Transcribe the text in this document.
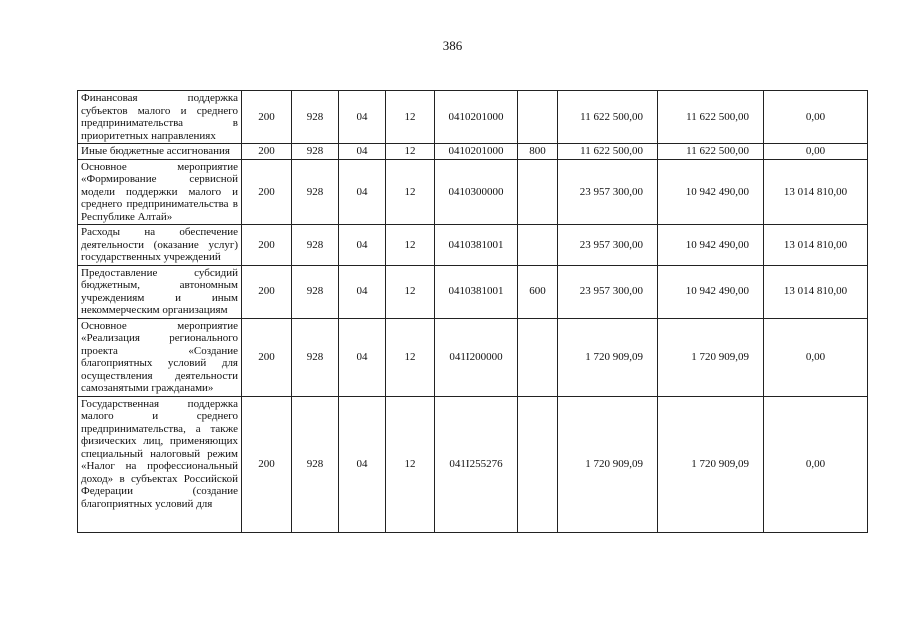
386
Финансовая поддержка субъектов малого и среднего предпринимательства в приоритетных направлениях	200	928	04	12	0410201000		11 622 500,00	11 622 500,00	0,00
Иные бюджетные ассигнования	200	928	04	12	0410201000	800	11 622 500,00	11 622 500,00	0,00
Основное мероприятие «Формирование сервисной модели поддержки малого и среднего предпринимательства в Республике Алтай»	200	928	04	12	0410300000		23 957 300,00	10 942 490,00	13 014 810,00
Расходы на обеспечение деятельности (оказание услуг) государственных учреждений	200	928	04	12	0410381001		23 957 300,00	10 942 490,00	13 014 810,00
Предоставление субсидий бюджетным, автономным учреждениям и иным некоммерческим организациям	200	928	04	12	0410381001	600	23 957 300,00	10 942 490,00	13 014 810,00
Основное мероприятие «Реализация регионального проекта «Создание благоприятных условий для осуществления деятельности самозанятыми гражданами»	200	928	04	12	041I200000		1 720 909,09	1 720 909,09	0,00
Государственная поддержка малого и среднего предпринимательства, а также физических лиц, применяющих специальный налоговый режим «Налог на профессиональный доход» в субъектах Российской Федерации (создание благоприятных условий для	200	928	04	12	041I255276		1 720 909,09	1 720 909,09	0,00
